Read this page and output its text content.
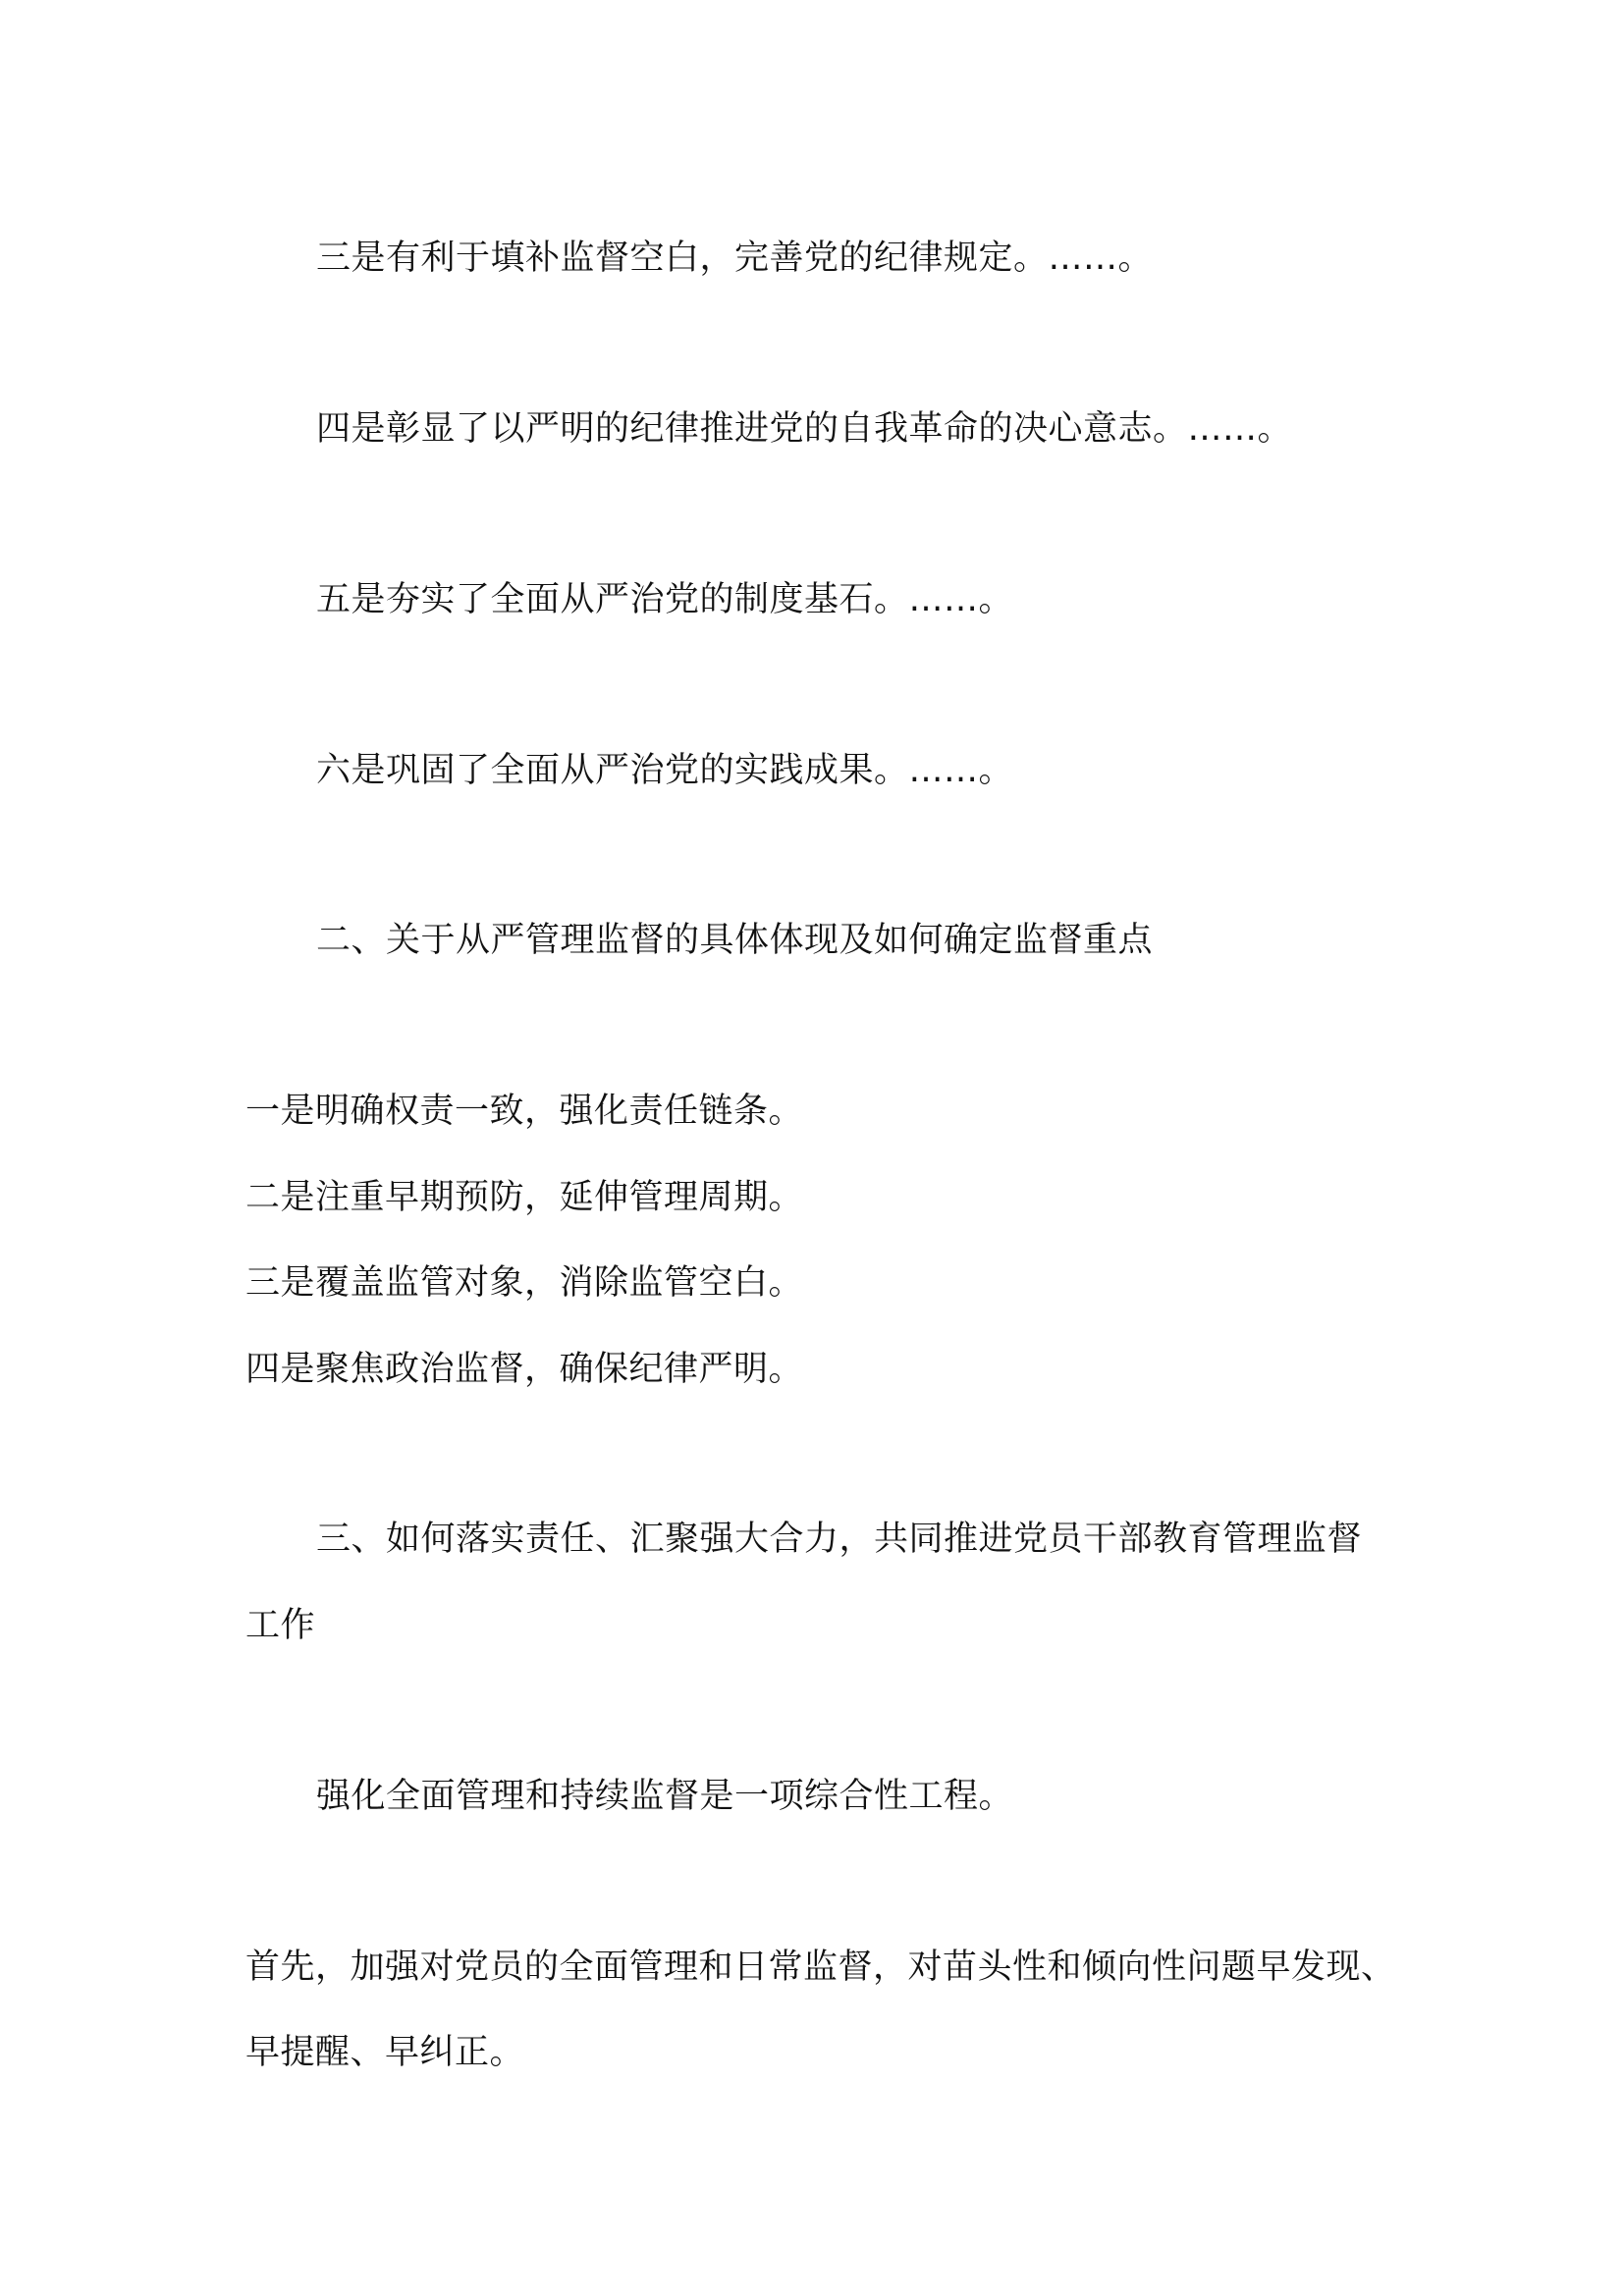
三是有利于填补监督空白，完善党的纪律规定。……。
四是彰显了以严明的纪律推进党的自我革命的决心意志。……。
五是夯实了全面从严治党的制度基石。……。
六是巩固了全面从严治党的实践成果。……。
二、关于从严管理监督的具体体现及如何确定监督重点
一是明确权责一致，强化责任链条。
二是注重早期预防，延伸管理周期。
三是覆盖监管对象，消除监管空白。
四是聚焦政治监督，确保纪律严明。
三、如何落实责任、汇聚强大合力，共同推进党员干部教育管理监督
工作
强化全面管理和持续监督是一项综合性工程。
首先，加强对党员的全面管理和日常监督，对苗头性和倾向性问题早发现、
早提醒、早纠正。
